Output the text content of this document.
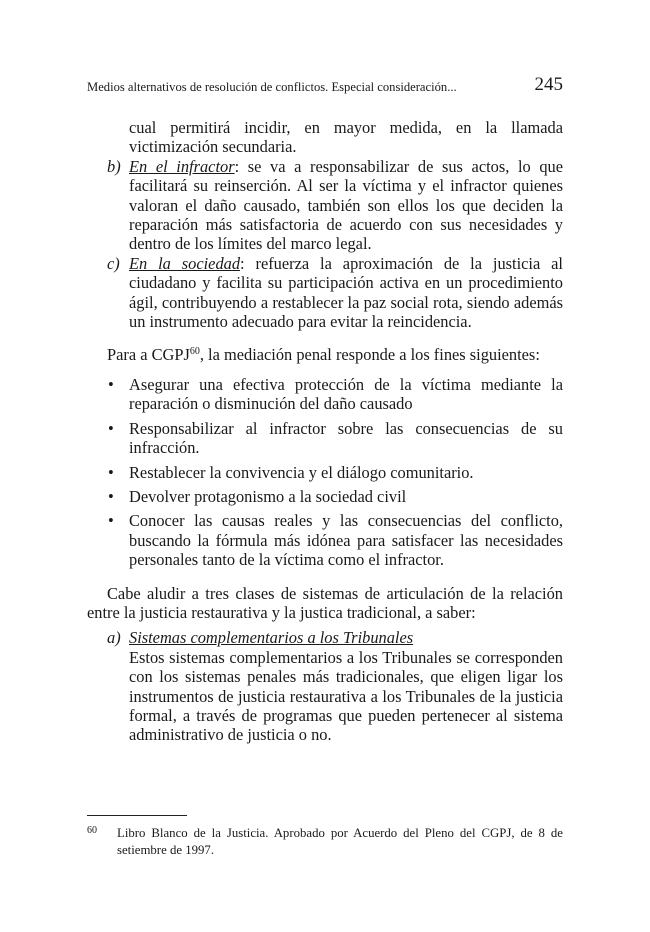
Medios alternativos de resolución de conflictos. Especial consideración...	245

cual permitirá incidir, en mayor medida, en la llamada victimización secundaria.

b) En el infractor: se va a responsabilizar de sus actos, lo que facilitará su reinserción. Al ser la víctima y el infractor quienes valoran el daño causado, también son ellos los que deciden la reparación más satisfactoria de acuerdo con sus necesidades y dentro de los límites del marco legal.
c) En la sociedad: refuerza la aproximación de la justicia al ciudadano y facilita su participación activa en un procedimiento ágil, contribuyendo a restablecer la paz social rota, siendo además un instrumento adecuado para evitar la reincidencia.

Para a CGPJ$^{60}$, la mediación penal responde a los fines siguientes:

• Asegurar una efectiva protección de la víctima mediante la reparación o disminución del daño causado
• Responsabilizar al infractor sobre las consecuencias de su infracción.
• Restablecer la convivencia y el diálogo comunitario.
• Devolver protagonismo a la sociedad civil
• Conocer las causas reales y las consecuencias del conflicto, buscando la fórmula más idónea para satisfacer las necesidades personales tanto de la víctima como el infractor.

Cabe aludir a tres clases de sistemas de articulación de la relación entre la justicia restaurativa y la justica tradicional, a saber:

a) Sistemas complementarios a los Tribunales

Estos sistemas complementarios a los Tribunales se corresponden con los sistemas penales más tradicionales, que eligen ligar los instrumentos de justicia restaurativa a los Tribunales de la justicia formal, a través de programas que pueden pertenecer al sistema administrativo de justicia o no.

60	Libro Blanco de la Justicia. Aprobado por Acuerdo del Pleno del CGPJ, de 8 de setiembre de 1997.
